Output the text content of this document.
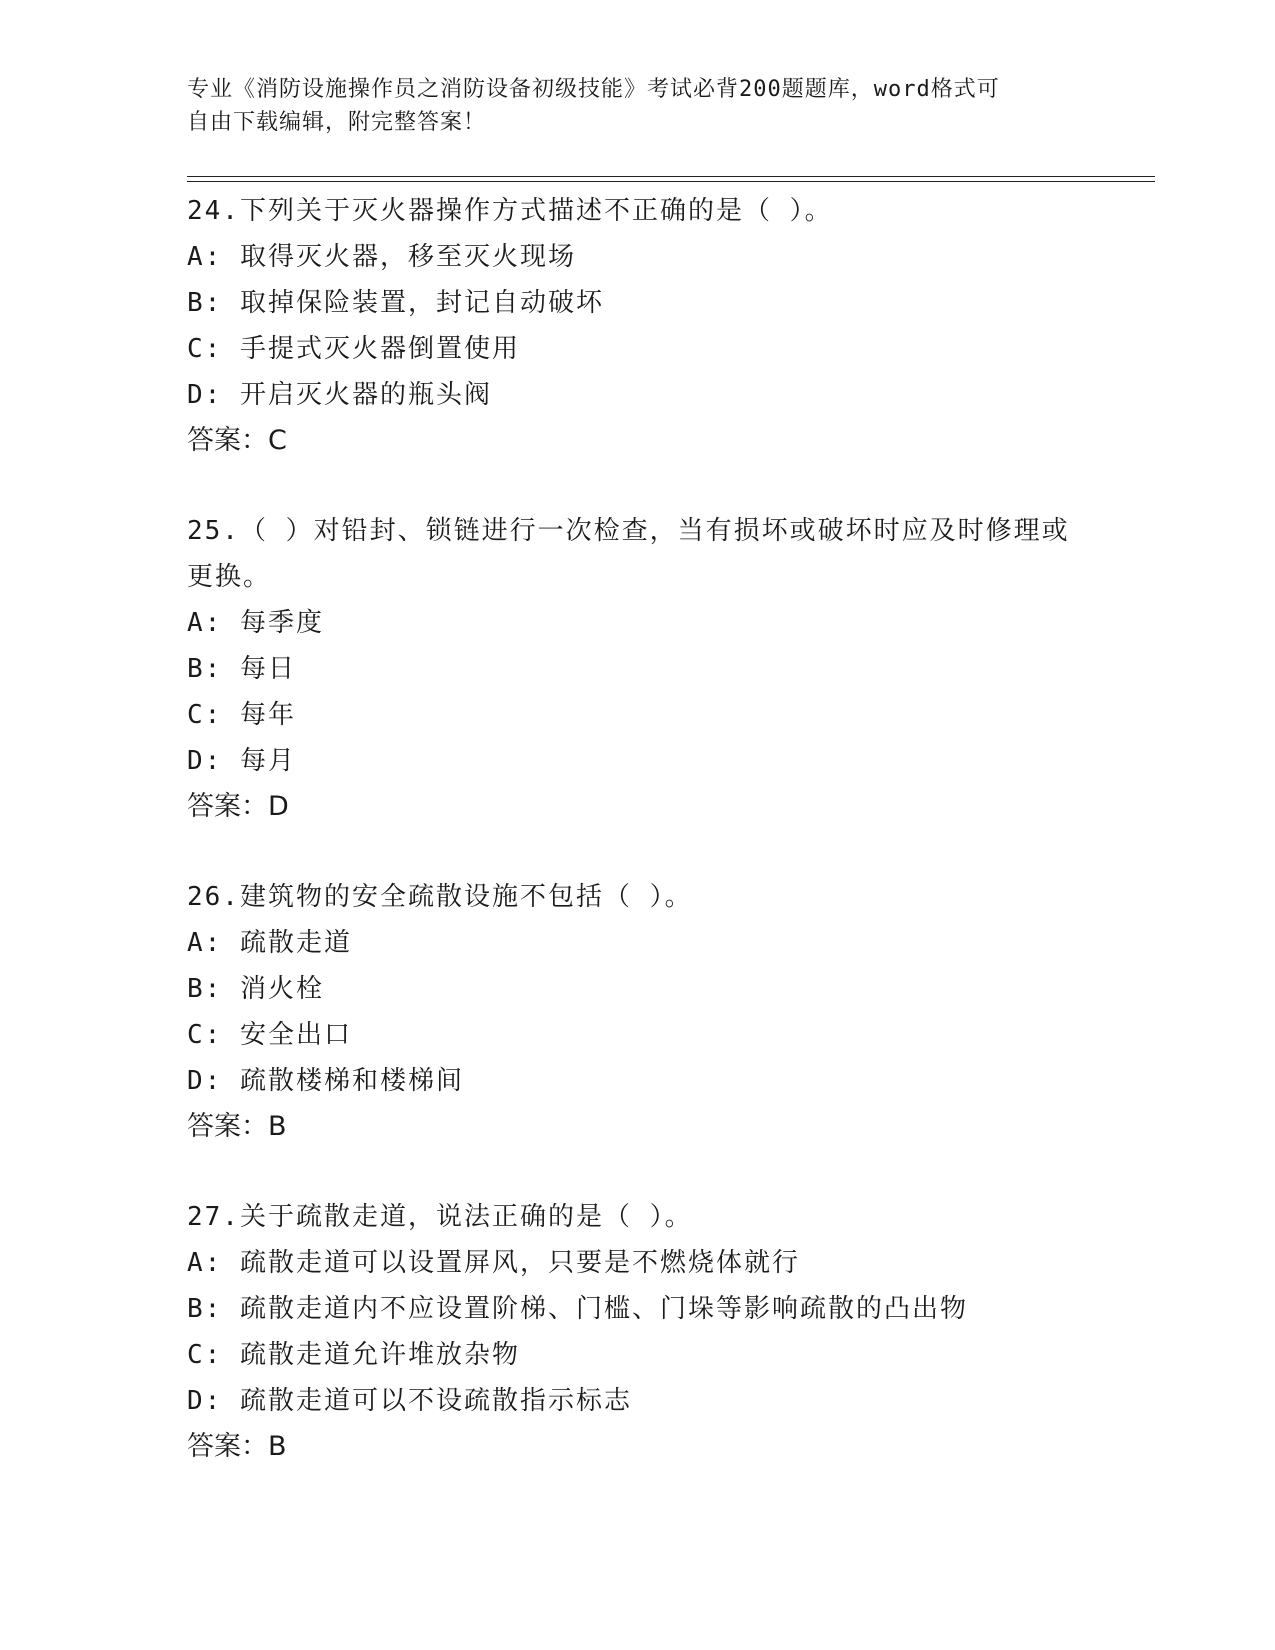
专业《消防设施操作员之消防设备初级技能》考试必背200题题库，word格式可
自由下载编辑，附完整答案！

24.下列关于灭火器操作方式描述不正确的是（ ）。

A: 取得灭火器，移至灭火现场

B: 取掉保险装置，封记自动破坏

C: 手提式灭火器倒置使用

D: 开启灭火器的瓶头阀

答案：C

25.（ ）对铅封、锁链进行一次检查，当有损坏或破坏时应及时修理或更换。

A: 每季度

B: 每日

C: 每年

D: 每月

答案：D

26.建筑物的安全疏散设施不包括（ ）。

A: 疏散走道

B: 消火栓

C: 安全出口

D: 疏散楼梯和楼梯间

答案：B

27.关于疏散走道，说法正确的是（ ）。

A: 疏散走道可以设置屏风，只要是不燃烧体就行

B: 疏散走道内不应设置阶梯、门槛、门垛等影响疏散的凸出物

C: 疏散走道允许堆放杂物

D: 疏散走道可以不设疏散指示标志

答案：B
